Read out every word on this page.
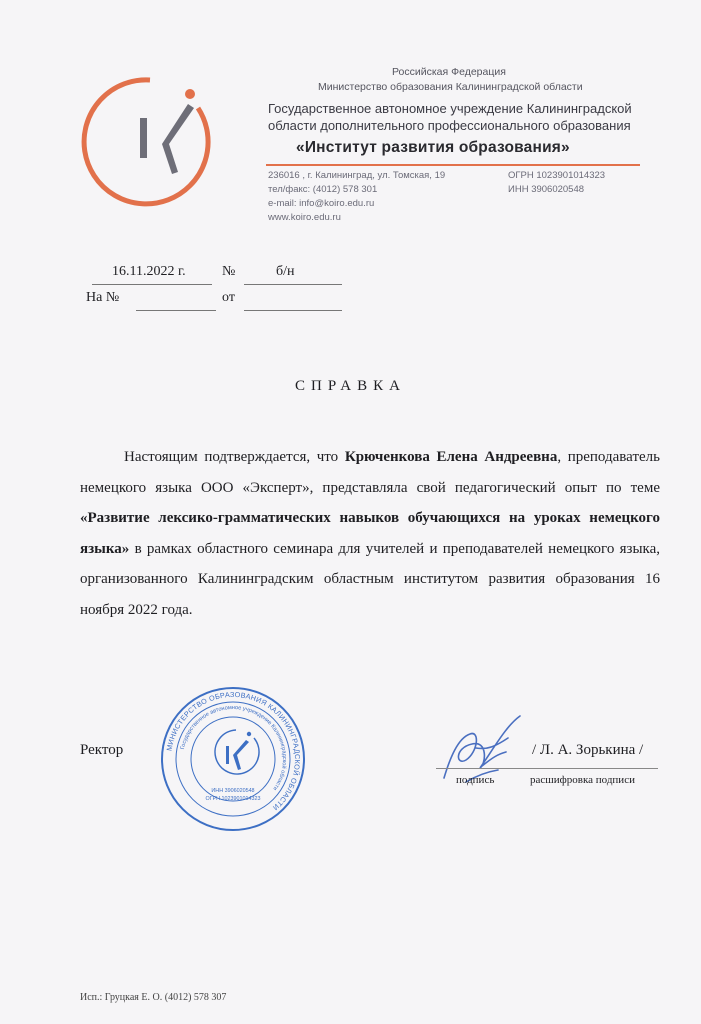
Российская Федерация
Министерство образования Калининградской области
Государственное автономное учреждение Калининградской
области дополнительного профессионального образования
«Институт развития образования»
236016 , г. Калининград, ул. Томская, 19
тел/факс: (4012) 578 301
e-mail: info@koiro.edu.ru
www.koiro.edu.ru
ОГРН 1023901014323
ИНН 3906020548
16.11.2022 г.	№	б/н
На №	от
СПРАВКА
Настоящим подтверждается, что Крюченкова Елена Андреевна, преподаватель немецкого языка ООО «Эксперт», представляла свой педагогический опыт по теме «Развитие лексико-грамматических навыков обучающихся на уроках немецкого языка» в рамках областного семинара для учителей и преподавателей немецкого языка, организованного Калининградским областным институтом развития образования 16 ноября 2022 года.
Ректор	МИНИСТЕРСТВО ОБРАЗОВАНИЯ КАЛИНИНГРАДСКОЙ ОБЛАСТИ
Государственное автономное учреждение Калининградской области
ИНН 3906020548
ОГРН 1023901014323
/ Л. А. Зорькина /
подпись	расшифровка подписи
Исп.: Груцкая Е. О. (4012) 578 307
